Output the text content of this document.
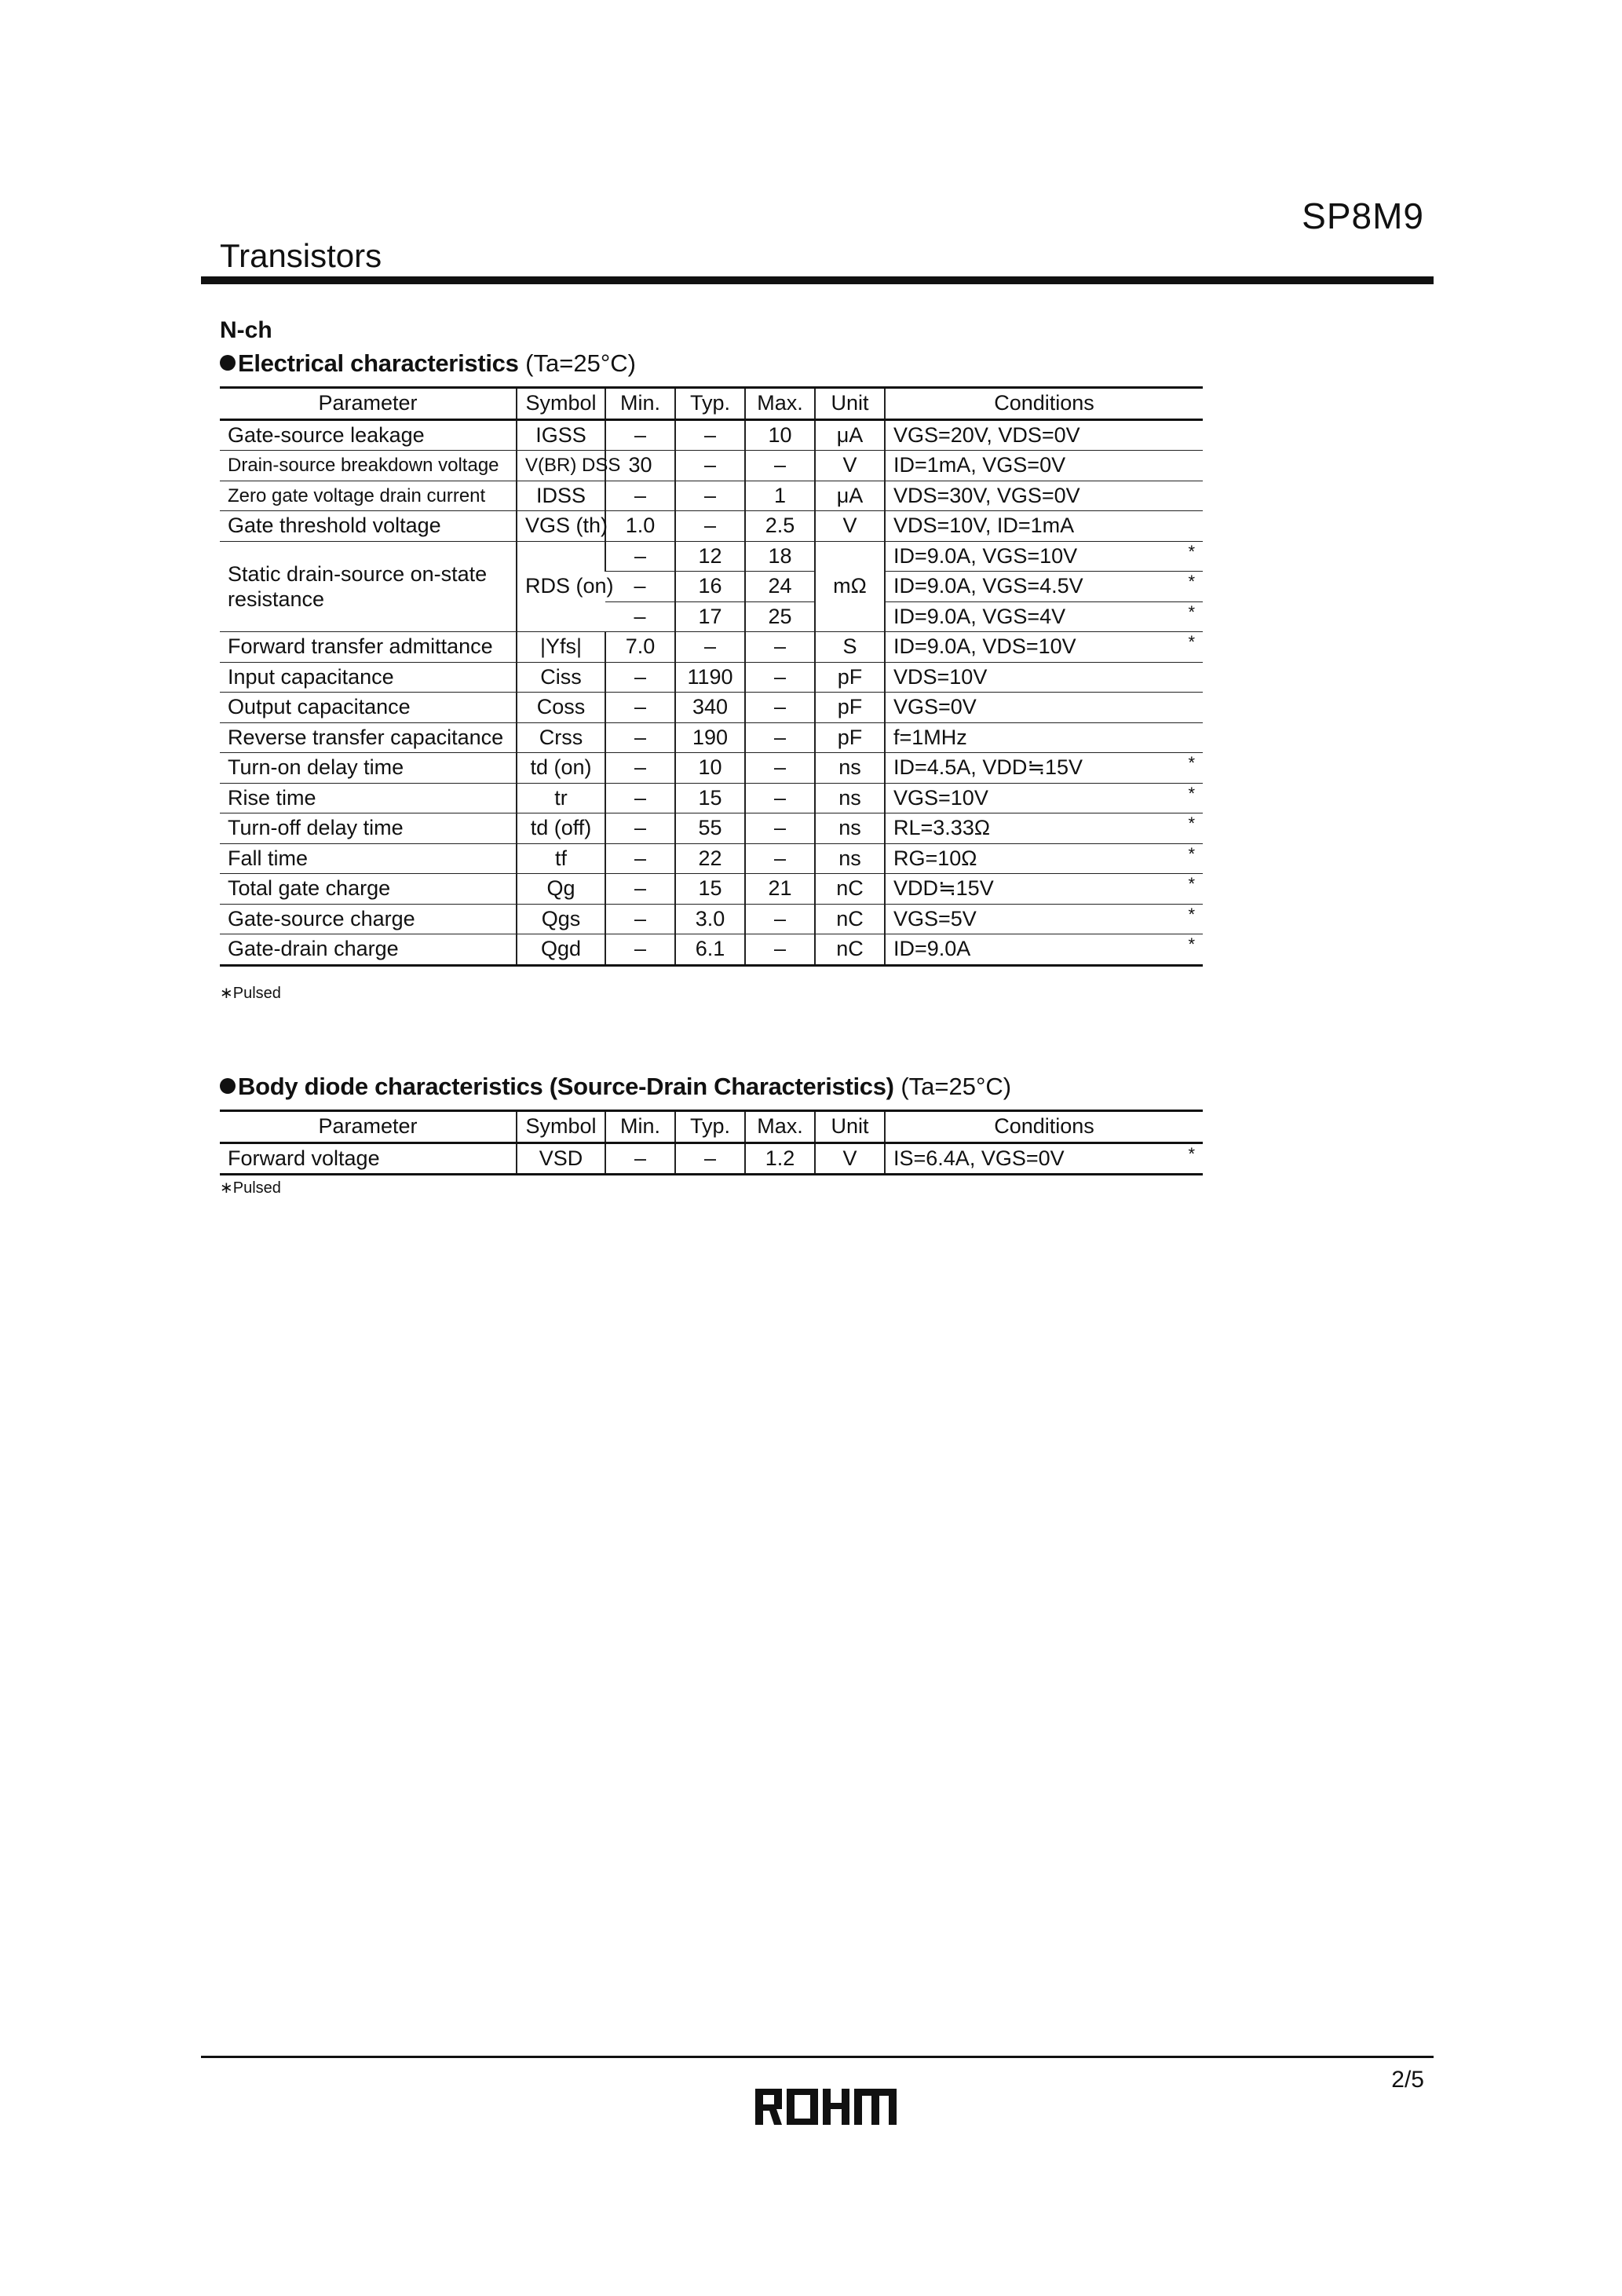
SP8M9
Transistors
N-ch
Electrical characteristics (Ta=25°C)
Parameter	Symbol	Min.	Typ.	Max.	Unit	Conditions
Gate-source leakage	IGSS	–	–	10	μA	VGS=20V, VDS=0V
Drain-source breakdown voltage	V(BR) DSS	30	–	–	V	ID=1mA, VGS=0V
Zero gate voltage drain current	IDSS	–	–	1	μA	VDS=30V, VGS=0V
Gate threshold voltage	VGS (th)	1.0	–	2.5	V	VDS=10V, ID=1mA
Static drain-source on-state resistance	RDS (on)	–	12	18	mΩ	ID=9.0A, VGS=10V *

		–	16	24		ID=9.0A, VGS=4.5V *

		–	17	25		ID=9.0A, VGS=4V *

Forward transfer admittance	|Yfs|	7.0	–	–	S	ID=9.0A, VDS=10V *

Input capacitance	Ciss	–	1190	–	pF	VDS=10V
Output capacitance	Coss	–	340	–	pF	VGS=0V
Reverse transfer capacitance	Crss	–	190	–	pF	f=1MHz
Turn-on delay time	td (on)	–	10	–	ns	ID=4.5A, VDD≒15V *

Rise time	tr	–	15	–	ns	VGS=10V *

Turn-off delay time	td (off)	–	55	–	ns	RL=3.33Ω *

Fall time	tf	–	22	–	ns	RG=10Ω *

Total gate charge	Qg	–	15	21	nC	VDD≒15V *

Gate-source charge	Qgs	–	3.0	–	nC	VGS=5V *

Gate-drain charge	Qgd	–	6.1	–	nC	ID=9.0A *
∗Pulsed
Body diode characteristics (Source-Drain Characteristics) (Ta=25°C)
Parameter	Symbol	Min.	Typ.	Max.	Unit	Conditions
Forward voltage	VSD	–	–	1.2	V	IS=6.4A, VGS=0V *
∗Pulsed
2/5
